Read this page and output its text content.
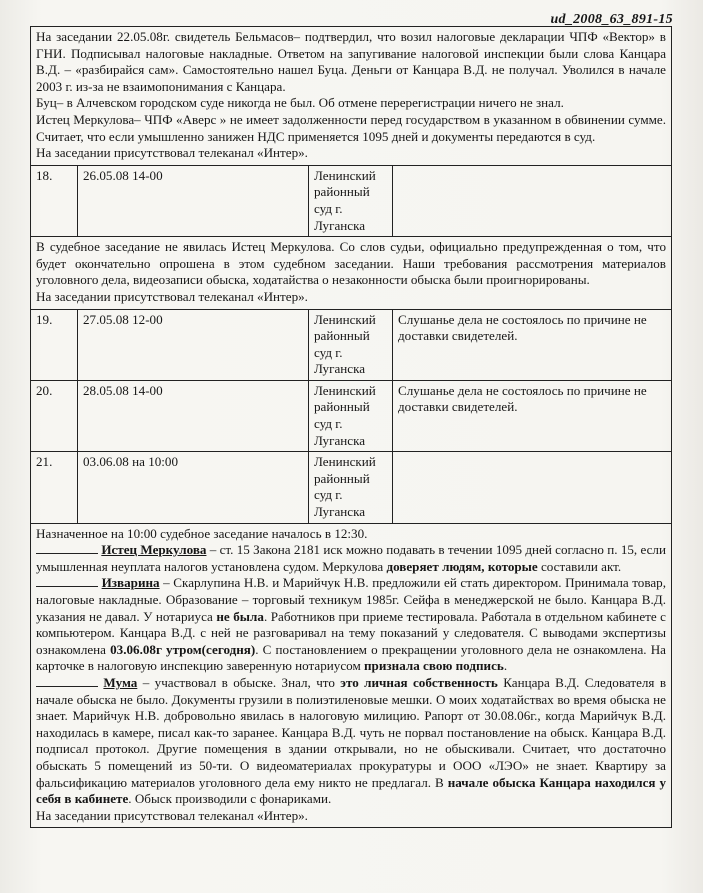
ud_2008_63_891-15

На заседании 22.05.08г. свидетель Бельмасов– подтвердил, что возил налоговые декларации ЧПФ «Вектор» в ГНИ. Подписывал налоговые накладные. Ответом на запугивание налоговой инспекции были слова Канцара В.Д. – «разбирайся сам». Самостоятельно нашел Буца. Деньги от Канцара В.Д. не получал. Уволился в начале 2003 г. из-за не взаимопонимания с Канцара.

Буц– в Алчевском городском суде никогда не был. Об отмене перерегистрации ничего не знал.

Истец Меркулова– ЧПФ «Аверс » не имеет задолженности перед государством в указанном в обвинении сумме. Считает, что если умышленно занижен НДС применяется 1095 дней и документы передаются в суд.

На заседании присутствовал телеканал «Интер».

18.	26.05.08 14-00	Ленинский районный суд г. Луганска	

В судебное заседание не явилась Истец Меркулова. Со слов судьи, официально предупрежденная о том, что будет окончательно опрошена в этом судебном заседании. Наши требования рассмотрения материалов уголовного дела, видеозаписи обыска, ходатайства о незаконности обыска были проигнорированы.

На заседании присутствовал телеканал «Интер».

19.	27.05.08 12-00	Ленинский районный суд г. Луганска	Слушанье дела не состоялось по причине не доставки свидетелей.
20.	28.05.08 14-00	Ленинский районный суд г. Луганска	Слушанье дела не состоялось по причине не доставки свидетелей.
21.	03.06.08 на 10:00	Ленинский районный суд г. Луганска	

Назначенное на 10:00 судебное заседание началось в 12:30.

Истец Меркулова – ст. 15 Закона 2181 иск можно подавать в течении 1095 дней согласно п. 15, если умышленная неуплата налогов установлена судом. Меркулова доверяет людям, которые составили акт.

Изварина – Скарлупина Н.В. и Марийчук Н.В. предложили ей стать директором. Принимала товар, налоговые накладные. Образование – торговый техникум 1985г. Сейфа в менеджерской не было. Канцара В.Д. указания не давал. У нотариуса не была. Работников при приеме тестировала. Работала в отдельном кабинете с компьютером. Канцара В.Д. с ней не разговаривал на тему показаний у следователя. С выводами экспертизы ознакомлена 03.06.08г утром(сегодня). С постановлением о прекращении уголовного дела не ознакомлена. На карточке в налоговую инспекцию заверенную нотариусом признала свою подпись.

Мума – участвовал в обыске. Знал, что это личная собственность Канцара В.Д. Следователя в начале обыска не было. Документы грузили в полиэтиленовые мешки. О моих ходатайствах во время обыска не знает. Марийчук Н.В. добровольно явилась в налоговую милицию. Рапорт от 30.08.06г., когда Марийчук В.Д. находилась в камере, писал как-то заранее. Канцара В.Д. чуть не порвал постановление на обыск. Канцара В.Д. подписал протокол. Другие помещения в здании открывали, но не обыскивали. Считает, что достаточно обыскать 5 помещений из 50-ти. О видеоматериалах прокуратуры и ООО «ЛЭО» не знает. Квартиру за фальсификацию материалов уголовного дела ему никто не предлагал. В начале обыска Канцара находился у себя в кабинете. Обыск производили с фонариками.

На заседании присутствовал телеканал «Интер».
